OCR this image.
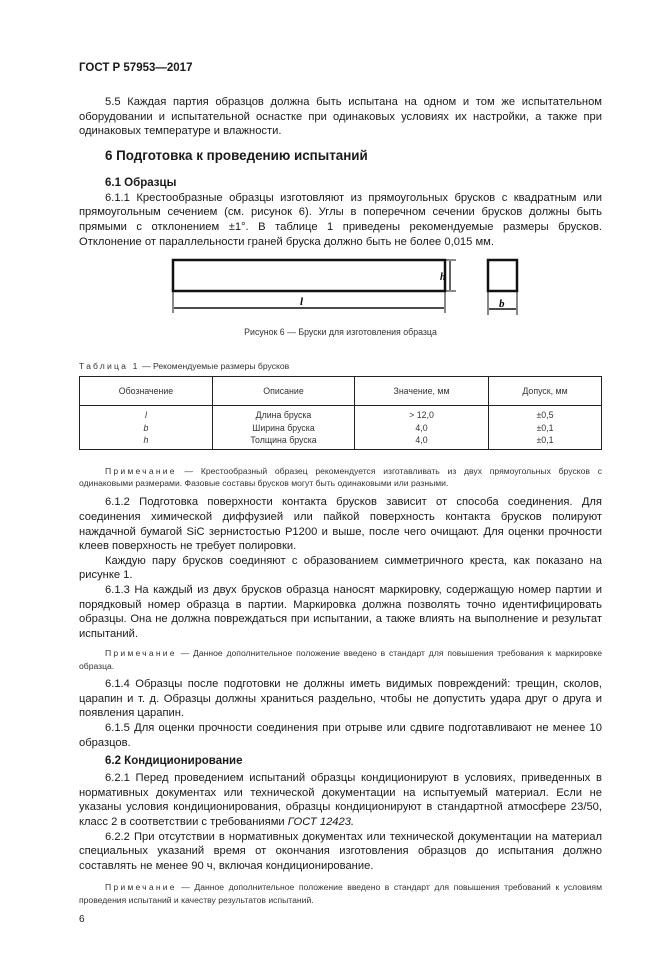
ГОСТ Р 57953—2017

5.5 Каждая партия образцов должна быть испытана на одном и том же испытательном оборудовании и испытательной оснастке при одинаковых условиях их настройки, а также при одинаковых температуре и влажности.

6 Подготовка к проведению испытаний
6.1 Образцы

6.1.1 Крестообразные образцы изготовляют из прямоугольных брусков с квадратным или прямоугольным сечением (см. рисунок 6). Углы в поперечном сечении брусков должны быть прямыми с отклонением ±1°. В таблице 1 приведены рекомендуемые размеры брусков. Отклонение от параллельности граней бруска должно быть не более 0,015 мм.

l
h
b
Рисунок 6 — Бруски для изготовления образца
Таблица 1 — Рекомендуемые размеры брусков
Обозначение	Описание	Значение, мм	Допуск, мм
l	Длина бруска	> 12,0	±0,5
b	Ширина бруска	4,0	±0,1
h	Толщина бруска	4,0	±0,1

Примечание — Крестообразный образец рекомендуется изготавливать из двух прямоугольных брусков с одинаковыми размерами. Фазовые составы брусков могут быть одинаковыми или разными.

6.1.2 Подготовка поверхности контакта брусков зависит от способа соединения. Для соединения химической диффузией или пайкой поверхность контакта брусков полируют наждачной бумагой SiC зернистостью P1200 и выше, после чего очищают. Для оценки прочности клеев поверхность не требует полировки.

Каждую пару брусков соединяют с образованием симметричного креста, как показано на рисунке 1.

6.1.3 На каждый из двух брусков образца наносят маркировку, содержащую номер партии и порядковый номер образца в партии. Маркировка должна позволять точно идентифицировать образцы. Она не должна повреждаться при испытании, а также влиять на выполнение и результат испытаний.

Примечание — Данное дополнительное положение введено в стандарт для повышения требования к маркировке образца.

6.1.4 Образцы после подготовки не должны иметь видимых повреждений: трещин, сколов, царапин и т. д. Образцы должны храниться раздельно, чтобы не допустить удара друг о друга и появления царапин.

6.1.5 Для оценки прочности соединения при отрыве или сдвиге подготавливают не менее 10 образцов.

6.2 Кондиционирование

6.2.1 Перед проведением испытаний образцы кондиционируют в условиях, приведенных в нормативных документах или технической документации на испытуемый материал. Если не указаны условия кондиционирования, образцы кондиционируют в стандартной атмосфере 23/50, класс 2 в соответствии с требованиями ГОСТ 12423.

6.2.2 При отсутствии в нормативных документах или технической документации на материал специальных указаний время от окончания изготовления образцов до испытания должно составлять не менее 90 ч, включая кондиционирование.

Примечание — Данное дополнительное положение введено в стандарт для повышения требований к условиям проведения испытаний и качеству результатов испытаний.

6
